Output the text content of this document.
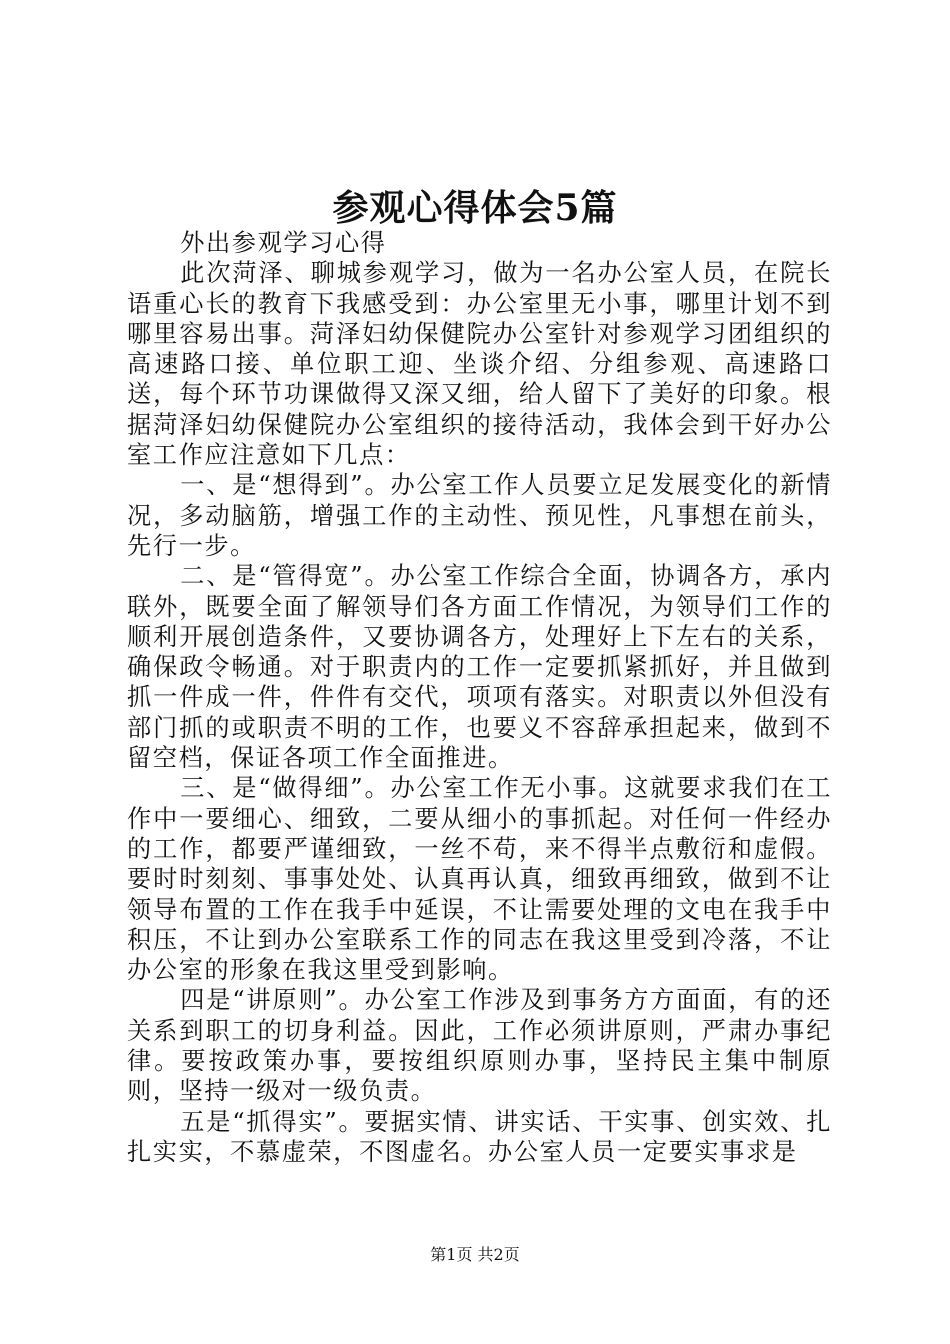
参观心得体会5篇

外出参观学习心得

此次菏泽、聊城参观学习，做为一名办公室人员，在院长语重心长的教育下我感受到：办公室里无小事，哪里计划不到哪里容易出事。菏泽妇幼保健院办公室针对参观学习团组织的高速路口接、单位职工迎、坐谈介绍、分组参观、高速路口送，每个环节功课做得又深又细，给人留下了美好的印象。根据菏泽妇幼保健院办公室组织的接待活动，我体会到干好办公室工作应注意如下几点：

一、是“想得到”。办公室工作人员要立足发展变化的新情况，多动脑筋，增强工作的主动性、预见性，凡事想在前头，先行一步。

二、是“管得宽”。办公室工作综合全面，协调各方，承内联外，既要全面了解领导们各方面工作情况，为领导们工作的顺利开展创造条件，又要协调各方，处理好上下左右的关系，确保政令畅通。对于职责内的工作一定要抓紧抓好，并且做到抓一件成一件，件件有交代，项项有落实。对职责以外但没有部门抓的或职责不明的工作，也要义不容辞承担起来，做到不留空档，保证各项工作全面推进。

三、是“做得细”。办公室工作无小事。这就要求我们在工作中一要细心、细致，二要从细小的事抓起。对任何一件经办的工作，都要严谨细致，一丝不苟，来不得半点敷衍和虚假。要时时刻刻、事事处处、认真再认真，细致再细致，做到不让领导布置的工作在我手中延误，不让需要处理的文电在我手中积压，不让到办公室联系工作的同志在我这里受到冷落，不让办公室的形象在我这里受到影响。

四是“讲原则”。办公室工作涉及到事务方方面面，有的还关系到职工的切身利益。因此，工作必须讲原则，严肃办事纪律。要按政策办事，要按组织原则办事，坚持民主集中制原则，坚持一级对一级负责。

五是“抓得实”。要据实情、讲实话、干实事、创实效、扎扎实实，不慕虚荣，不图虚名。办公室人员一定要实事求是

第1页 共2页
